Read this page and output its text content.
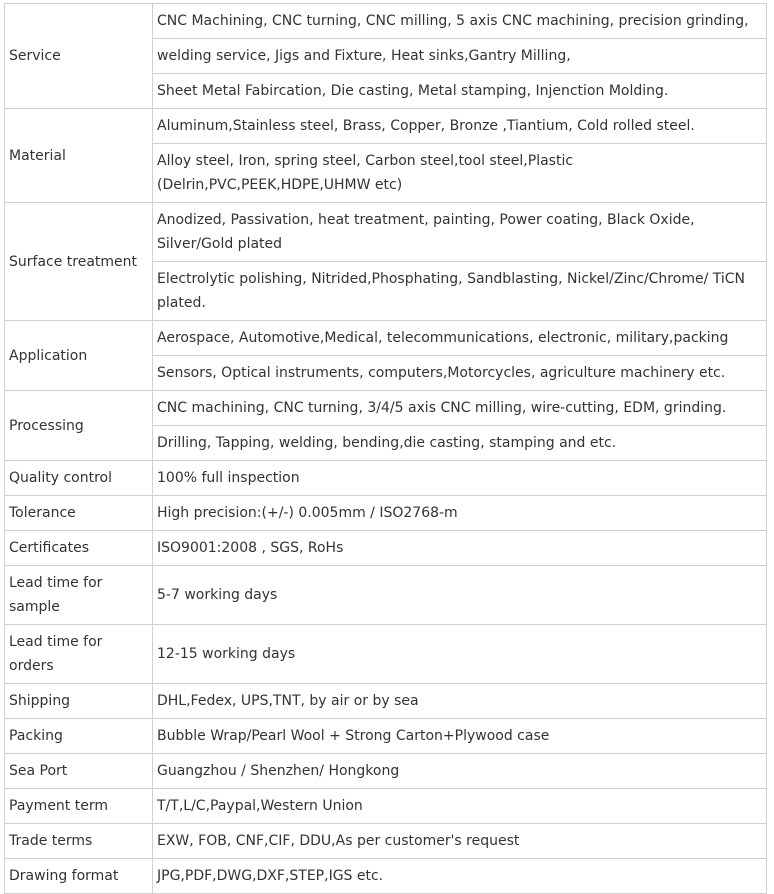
Service	CNC Machining, CNC turning, CNC milling, 5 axis CNC machining, precision grinding,
	welding service, Jigs and Fixture, Heat sinks,Gantry Milling,
	Sheet Metal Fabircation, Die casting, Metal stamping, Injenction Molding.
Material	Aluminum,Stainless steel, Brass, Copper, Bronze ,Tiantium, Cold rolled steel.
	Alloy steel, Iron, spring steel, Carbon steel,tool steel,Plastic (Delrin,PVC,PEEK,HDPE,UHMW etc)
Surface treatment	Anodized, Passivation, heat treatment, painting, Power coating, Black Oxide, Silver/Gold plated
	Electrolytic polishing, Nitrided,Phosphating, Sandblasting, Nickel/Zinc/Chrome/ TiCN plated.
Application	Aerospace, Automotive,Medical, telecommunications, electronic, military,packing
	Sensors, Optical instruments, computers,Motorcycles, agriculture machinery etc.
Processing	CNC machining, CNC turning, 3/4/5 axis CNC milling, wire-cutting, EDM, grinding.
	Drilling, Tapping, welding, bending,die casting, stamping and etc.
Quality control	100% full inspection
Tolerance	High precision:(+/-) 0.005mm / ISO2768-m
Certificates	ISO9001:2008 , SGS, RoHs
Lead time for sample	5-7 working days
Lead time for orders	12-15 working days
Shipping	DHL,Fedex, UPS,TNT, by air or by sea
Packing	Bubble Wrap/Pearl Wool + Strong Carton+Plywood case
Sea Port	Guangzhou / Shenzhen/ Hongkong
Payment term	T/T,L/C,Paypal,Western Union
Trade terms	EXW, FOB, CNF,CIF, DDU,As per customer's request
Drawing format	JPG,PDF,DWG,DXF,STEP,IGS etc.
